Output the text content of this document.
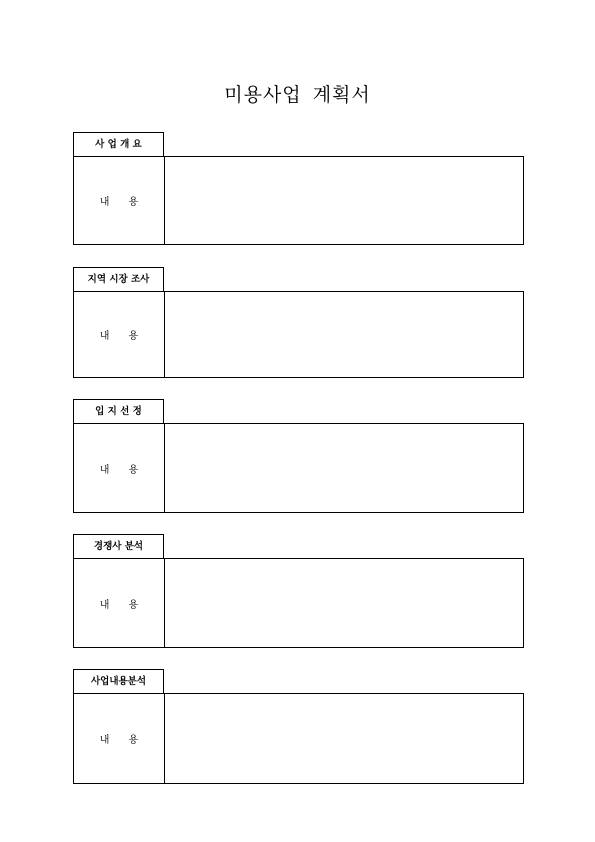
미용사업 계획서
사 업 개 요
내      용
지역 시장 조사
내      용
입 지 선 정
내      용
경쟁사 분석
내      용
사업내용분석
내      용
